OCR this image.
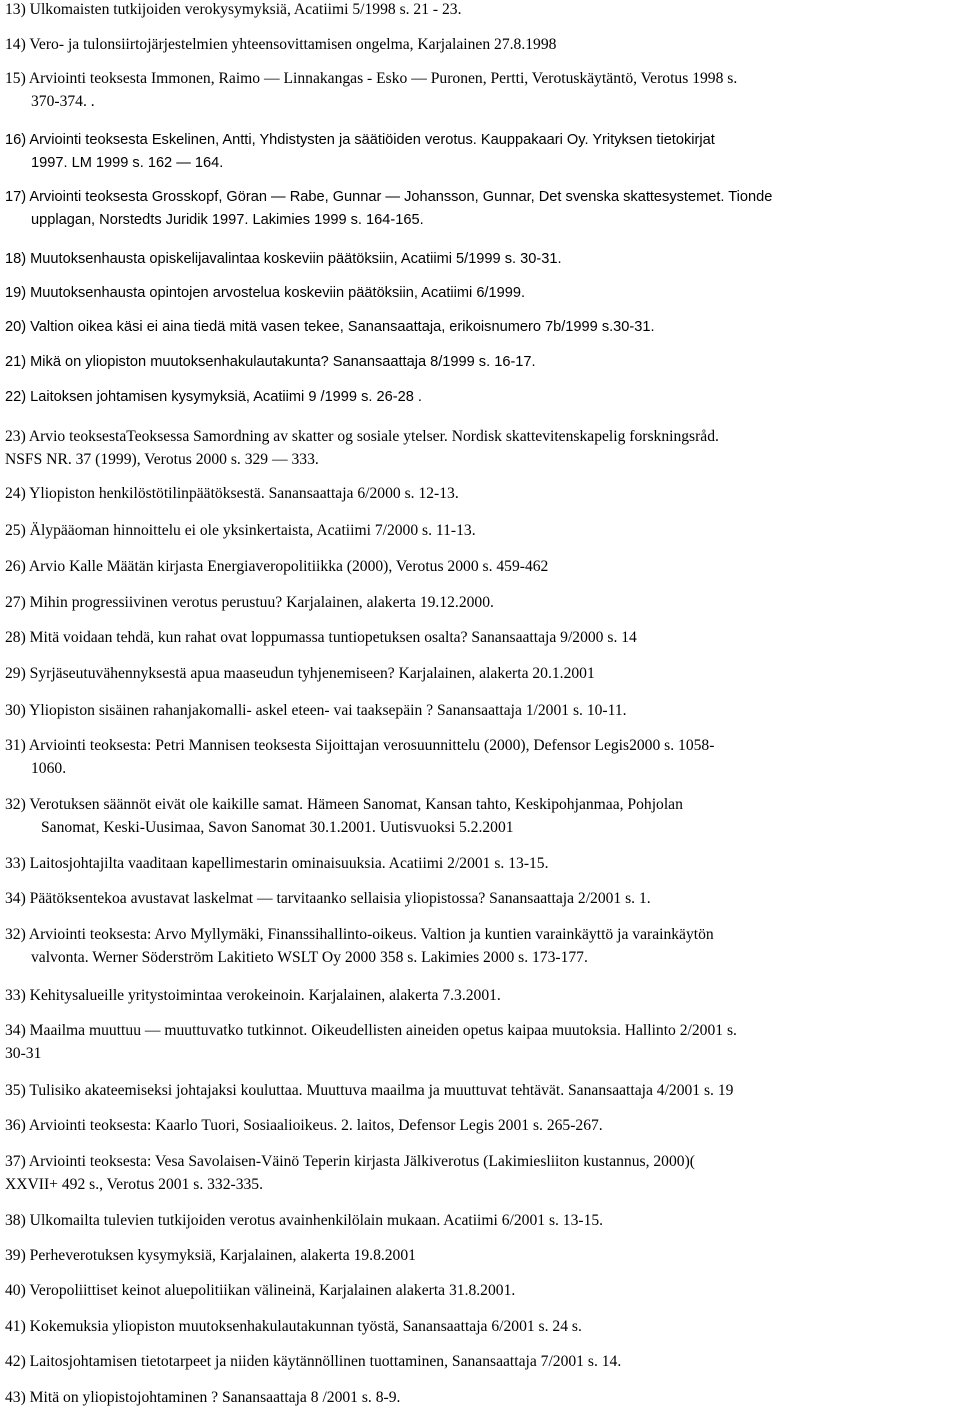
13) Ulkomaisten tutkijoiden verokysymyksiä, Acatiimi 5/1998 s. 21 - 23.

14) Vero- ja tulonsiirtojärjestelmien yhteensovittamisen ongelma, Karjalainen 27.8.1998

15) Arviointi teoksesta Immonen, Raimo — Linnakangas - Esko — Puronen, Pertti, Verotuskäytäntö, Verotus 1998 s.
370-374. .

16) Arviointi teoksesta Eskelinen, Antti, Yhdistysten ja säätiöiden verotus. Kauppakaari Oy. Yrityksen tietokirjat
1997. LM 1999 s. 162 — 164.

17) Arviointi teoksesta Grosskopf, Göran — Rabe, Gunnar — Johansson, Gunnar, Det svenska skattesystemet. Tionde
upplagan, Norstedts Juridik 1997. Lakimies 1999 s. 164-165.

18) Muutoksenhausta opiskelijavalintaa koskeviin päätöksiin, Acatiimi 5/1999 s. 30-31.

19) Muutoksenhausta opintojen arvostelua koskeviin päätöksiin, Acatiimi 6/1999.

20) Valtion oikea käsi ei aina tiedä mitä vasen tekee, Sanansaattaja, erikoisnumero 7b/1999 s.30-31.

21) Mikä on yliopiston muutoksenhakulautakunta? Sanansaattaja 8/1999 s. 16-17.

22) Laitoksen johtamisen kysymyksiä, Acatiimi 9 /1999 s. 26-28 .

23) Arvio teoksestaTeoksessa Samordning av skatter og sosiale ytelser. Nordisk skattevitenskapelig forskningsråd.
NSFS NR. 37 (1999), Verotus 2000 s. 329 — 333.

24) Yliopiston henkilöstötilinpäätöksestä. Sanansaattaja 6/2000 s. 12-13.

25) Älypääoman hinnoittelu ei ole yksinkertaista, Acatiimi 7/2000 s. 11-13.

26) Arvio Kalle Määtän kirjasta Energiaveropolitiikka (2000), Verotus 2000 s. 459-462

27) Mihin progressiivinen verotus perustuu? Karjalainen, alakerta 19.12.2000.

28) Mitä voidaan tehdä, kun rahat ovat loppumassa tuntiopetuksen osalta? Sanansaattaja 9/2000 s. 14

29) Syrjäseutuvähennyksestä apua maaseudun tyhjenemiseen? Karjalainen, alakerta 20.1.2001

30) Yliopiston sisäinen rahanjakomalli- askel eteen- vai taaksepäin ? Sanansaattaja 1/2001 s. 10-11.

31) Arviointi teoksesta: Petri Mannisen teoksesta Sijoittajan verosuunnittelu (2000), Defensor Legis2000 s. 1058-
1060.

32) Verotuksen säännöt eivät ole kaikille samat. Hämeen Sanomat, Kansan tahto, Keskipohjanmaa, Pohjolan
Sanomat, Keski-Uusimaa, Savon Sanomat 30.1.2001. Uutisvuoksi 5.2.2001

33) Laitosjohtajilta vaaditaan kapellimestarin ominaisuuksia. Acatiimi 2/2001 s. 13-15.

34) Päätöksentekoa avustavat laskelmat — tarvitaanko sellaisia yliopistossa? Sanansaattaja 2/2001 s. 1.

32) Arviointi teoksesta: Arvo Myllymäki, Finanssihallinto-oikeus. Valtion ja kuntien varainkäyttö ja varainkäytön
valvonta. Werner Söderström Lakitieto WSLT Oy 2000 358 s. Lakimies 2000 s. 173-177.

33) Kehitysalueille yritystoimintaa verokeinoin. Karjalainen, alakerta 7.3.2001.

34) Maailma muuttuu — muuttuvatko tutkinnot. Oikeudellisten aineiden opetus kaipaa muutoksia. Hallinto 2/2001 s.
30-31

35) Tulisiko akateemiseksi johtajaksi kouluttaa. Muuttuva maailma ja muuttuvat tehtävät. Sanansaattaja 4/2001 s. 19

36) Arviointi teoksesta: Kaarlo Tuori, Sosiaalioikeus. 2. laitos, Defensor Legis 2001 s. 265-267.

37) Arviointi teoksesta: Vesa Savolaisen-Väinö Teperin kirjasta Jälkiverotus (Lakimiesliiton kustannus, 2000)(
XXVII+ 492 s., Verotus 2001 s. 332-335.

38) Ulkomailta tulevien tutkijoiden verotus avainhenkilölain mukaan. Acatiimi 6/2001 s. 13-15.

39) Perheverotuksen kysymyksiä, Karjalainen, alakerta 19.8.2001

40) Veropoliittiset keinot aluepolitiikan välineinä, Karjalainen alakerta 31.8.2001.

41) Kokemuksia yliopiston muutoksenhakulautakunnan työstä, Sanansaattaja 6/2001 s. 24 s.

42) Laitosjohtamisen tietotarpeet ja niiden käytännöllinen tuottaminen, Sanansaattaja 7/2001 s. 14.

43) Mitä on yliopistojohtaminen ? Sanansaattaja 8 /2001 s. 8-9.
